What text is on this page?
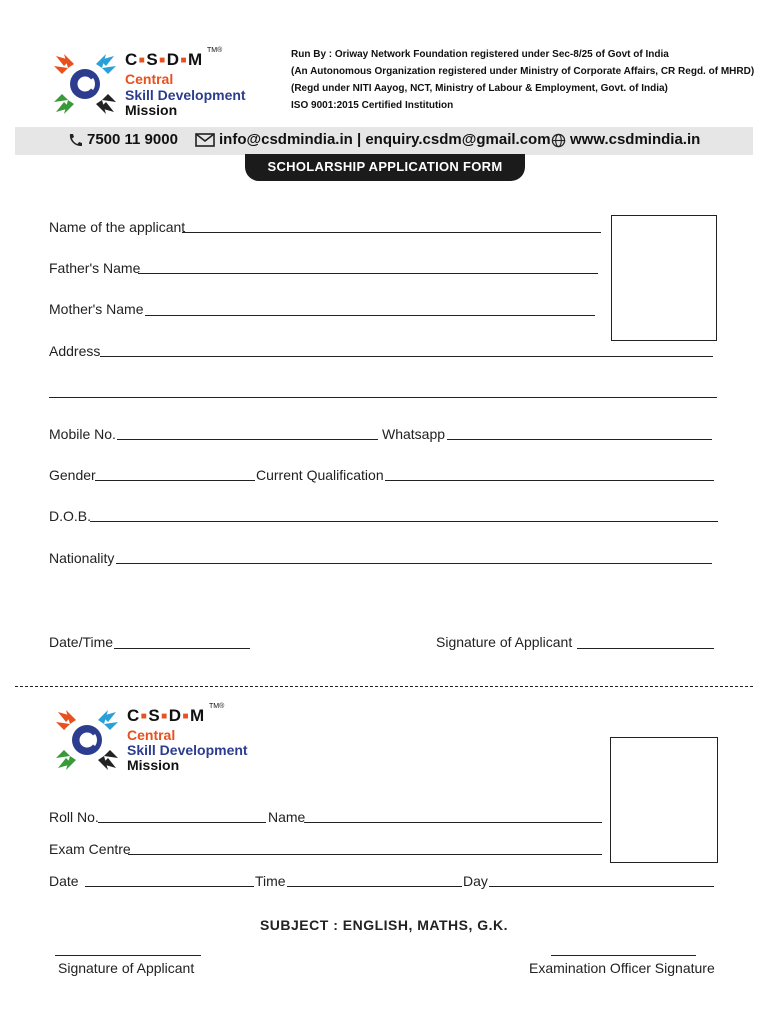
C■S■D■M TM®
Central
Skill Development
Mission
Run By : Oriway Network Foundation registered under Sec-8/25 of Govt of India
(An Autonomous Organization registered under Ministry of Corporate Affairs, CR Regd. of MHRD)
(Regd under NITI Aayog, NCT, Ministry of Labour & Employment, Govt. of India)
ISO 9001:2015 Certified Institution
7500 11 9000	info@csdmindia.in | enquiry.csdm@gmail.com	www.csdmindia.in
SCHOLARSHIP APPLICATION FORM
Name of the applicant
Father's Name
Mother's Name
Address
Mobile No.	Whatsapp
Gender	Current Qualification
D.O.B.
Nationality
Date/Time	Signature of Applicant
C■S■D■M TM®
Central
Skill Development
Mission
Roll No.	Name
Exam Centre
Date	Time	Day
SUBJECT : ENGLISH, MATHS, G.K.
Signature of Applicant	Examination Officer Signature
